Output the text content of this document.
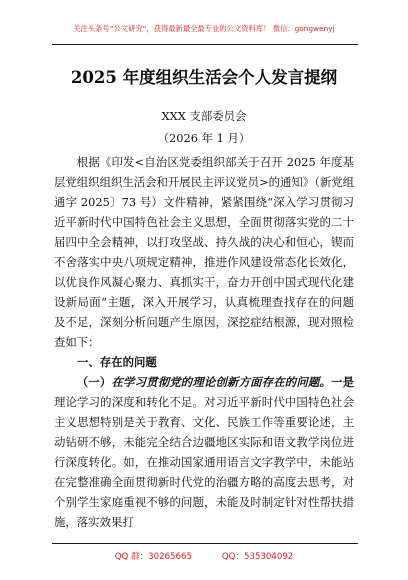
关注头条号“公文研究”，获得最新最全最专业的公文资料库！ 微信：gongwenyj
2025 年度组织生活会个人发言提纲
XXX 支部委员会
（2026 年 1 月）

根据《印发<自治区党委组织部关于召开 2025 年度基层党组织组织生活会和开展民主评议党员>的通知》（新党组通字 2025〕73 号）文件精神，紧紧围绕“深入学习贯彻习近平新时代中国特色社会主义思想，全面贯彻落实党的二十届四中全会精神，以打攻坚战、持久战的决心和恒心，锲而不舍落实中央八项规定精神，推进作风建设常态化长效化，以优良作风凝心聚力、真抓实干，奋力开创中国式现代化建设新局面”主题，深入开展学习，认真梳理查找存在的问题及不足，深刻分析问题产生原因，深挖症结根源，现对照检查如下：

一、存在的问题

（一）在学习贯彻党的理论创新方面存在的问题。一是理论学习的深度和转化不足。对习近平新时代中国特色社会主义思想特别是关于教育、文化、民族工作等重要论述，主动钻研不够，未能完全结合边疆地区实际和语文教学岗位进行深度转化。如，在推动国家通用语言文字教学中，未能站在完整准确全面贯彻新时代党的治疆方略的高度去思考，对个别学生家庭重视不够的问题，未能及时制定针对性帮扶措施，落实效果打

QQ 群：30265665	QQ：535304092
